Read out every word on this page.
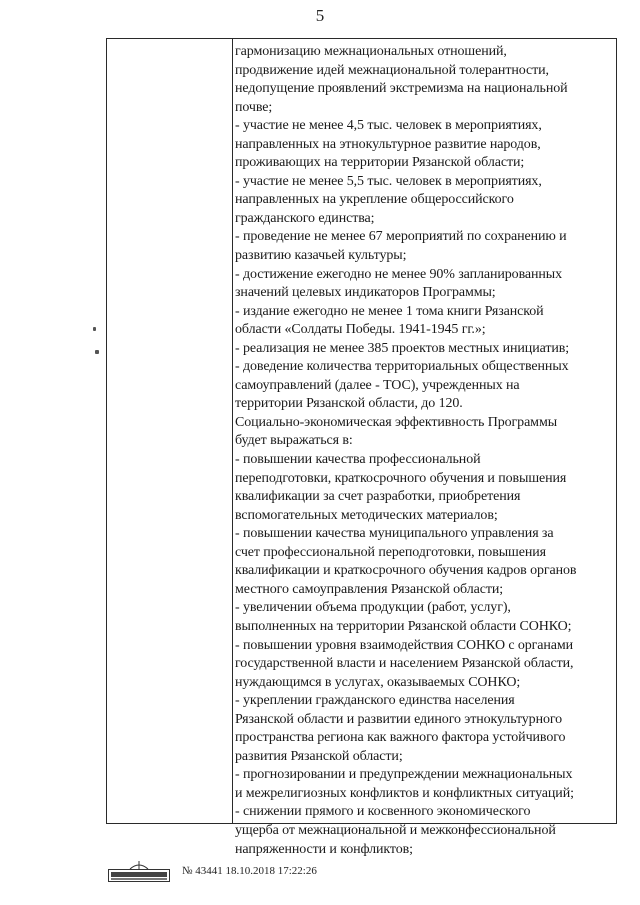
5
гармонизацию межнациональных отношений,
продвижение идей межнациональной толерантности,
недопущение проявлений экстремизма на национальной
почве;
- участие не менее 4,5 тыс. человек в мероприятиях,
направленных на этнокультурное развитие народов,
проживающих на территории Рязанской области;
- участие не менее 5,5 тыс. человек в мероприятиях,
направленных на укрепление общероссийского
гражданского единства;
- проведение не менее 67 мероприятий по сохранению и
развитию казачьей культуры;
- достижение ежегодно не менее 90% запланированных
значений целевых индикаторов Программы;
- издание ежегодно не менее 1 тома книги Рязанской
области «Солдаты Победы. 1941-1945 гг.»;
- реализация не менее 385 проектов местных инициатив;
- доведение количества территориальных общественных
самоуправлений (далее - ТОС), учрежденных на
территории Рязанской области, до 120.
Социально-экономическая эффективность Программы
будет выражаться в:
- повышении качества профессиональной
переподготовки, краткосрочного обучения и повышения
квалификации за счет разработки, приобретения
вспомогательных методических материалов;
- повышении качества муниципального управления за
счет профессиональной переподготовки, повышения
квалификации и краткосрочного обучения кадров органов
местного самоуправления Рязанской области;
- увеличении объема продукции (работ, услуг),
выполненных на территории Рязанской области СОНКО;
- повышении уровня взаимодействия СОНКО с органами
государственной власти и населением Рязанской области,
нуждающимся в услугах, оказываемых СОНКО;
- укреплении гражданского единства населения
Рязанской области и развитии единого этнокультурного
пространства региона как важного фактора устойчивого
развития Рязанской области;
- прогнозировании и предупреждении межнациональных
и межрелигиозных конфликтов и конфликтных ситуаций;
- снижении прямого и косвенного экономического
ущерба от межнациональной и межконфессиональной
напряженности и конфликтов;
№ 43441 18.10.2018 17:22:26
